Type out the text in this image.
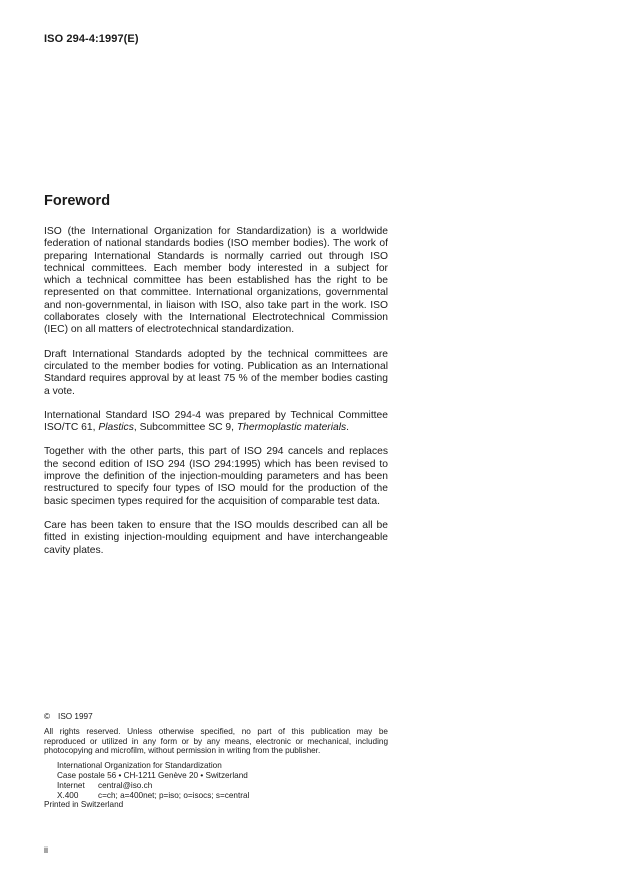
ISO 294-4:1997(E)
Foreword

ISO (the International Organization for Standardization) is a worldwide
federation of national standards bodies (ISO member bodies). The work of
preparing International Standards is normally carried out through ISO
technical committees. Each member body interested in a subject for
which a technical committee has been established has the right to be
represented on that committee. International organizations, governmental
and non-governmental, in liaison with ISO, also take part in the work. ISO
collaborates closely with the International Electrotechnical Commission
(IEC) on all matters of electrotechnical standardization.

Draft International Standards adopted by the technical committees are
circulated to the member bodies for voting. Publication as an International
Standard requires approval by at least 75 % of the member bodies casting
a vote.

International Standard ISO 294-4 was prepared by Technical Committee
ISO/TC 61, Plastics, Subcommittee SC 9, Thermoplastic materials.

Together with the other parts, this part of ISO 294 cancels and replaces
the second edition of ISO 294 (ISO 294:1995) which has been revised to
improve the definition of the injection-moulding parameters and has been
restructured to specify four types of ISO mould for the production of the
basic specimen types required for the acquisition of comparable test data.

Care has been taken to ensure that the ISO moulds described can all be
fitted in existing injection-moulding equipment and have interchangeable
cavity plates.

© ISO 1997
All rights reserved. Unless otherwise specified, no part of this publication may be
reproduced or utilized in any form or by any means, electronic or mechanical, including
photocopying and microfilm, without permission in writing from the publisher.
International Organization for Standardization
Case postale 56 • CH-1211 Genève 20 • Switzerland
Internet central@iso.ch
X.400 c=ch; a=400net; p=iso; o=isocs; s=central
Printed in Switzerland
ii
